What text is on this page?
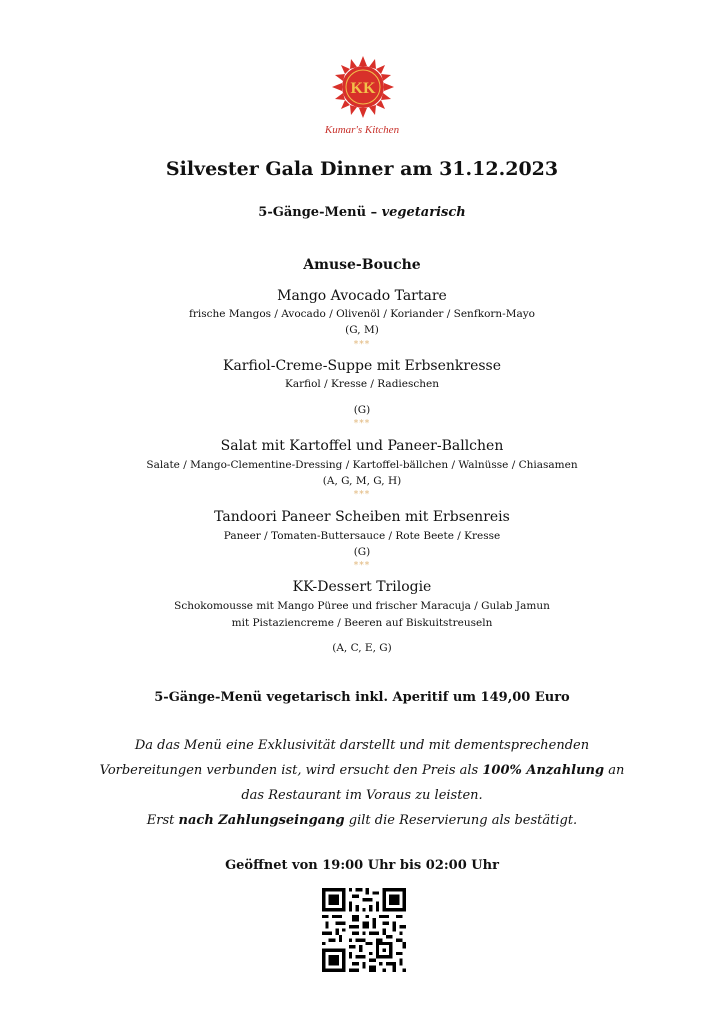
KK
Kumar's Kitchen
Silvester Gala Dinner am 31.12.2023
5-Gänge-Menü – vegetarisch
Amuse-Bouche
Mango Avocado Tartare
frische Mangos / Avocado / Olivenöl / Koriander / Senfkorn-Mayo
(G, M)
***
Karfiol-Creme-Suppe mit Erbsenkresse
Karfiol / Kresse / Radieschen
(G)
***
Salat mit Kartoffel und Paneer-Ballchen
Salate / Mango-Clementine-Dressing / Kartoffel-bällchen / Walnüsse / Chiasamen
(A, G, M, G, H)
***
Tandoori Paneer Scheiben mit Erbsenreis
Paneer / Tomaten-Buttersauce / Rote Beete / Kresse
(G)
***
KK-Dessert Trilogie
Schokomousse mit Mango Püree und frischer Maracuja / Gulab Jamun
mit Pistaziencreme / Beeren auf Biskuitstreuseln
(A, C, E, G)
5-Gänge-Menü vegetarisch inkl. Aperitif um 149,00 Euro
Da das Menü eine Exklusivität darstellt und mit dementsprechenden
Vorbereitungen verbunden ist, wird ersucht den Preis als 100% Anzahlung an
das Restaurant im Voraus zu leisten.
Erst nach Zahlungseingang gilt die Reservierung als bestätigt.
Geöffnet von 19:00 Uhr bis 02:00 Uhr
